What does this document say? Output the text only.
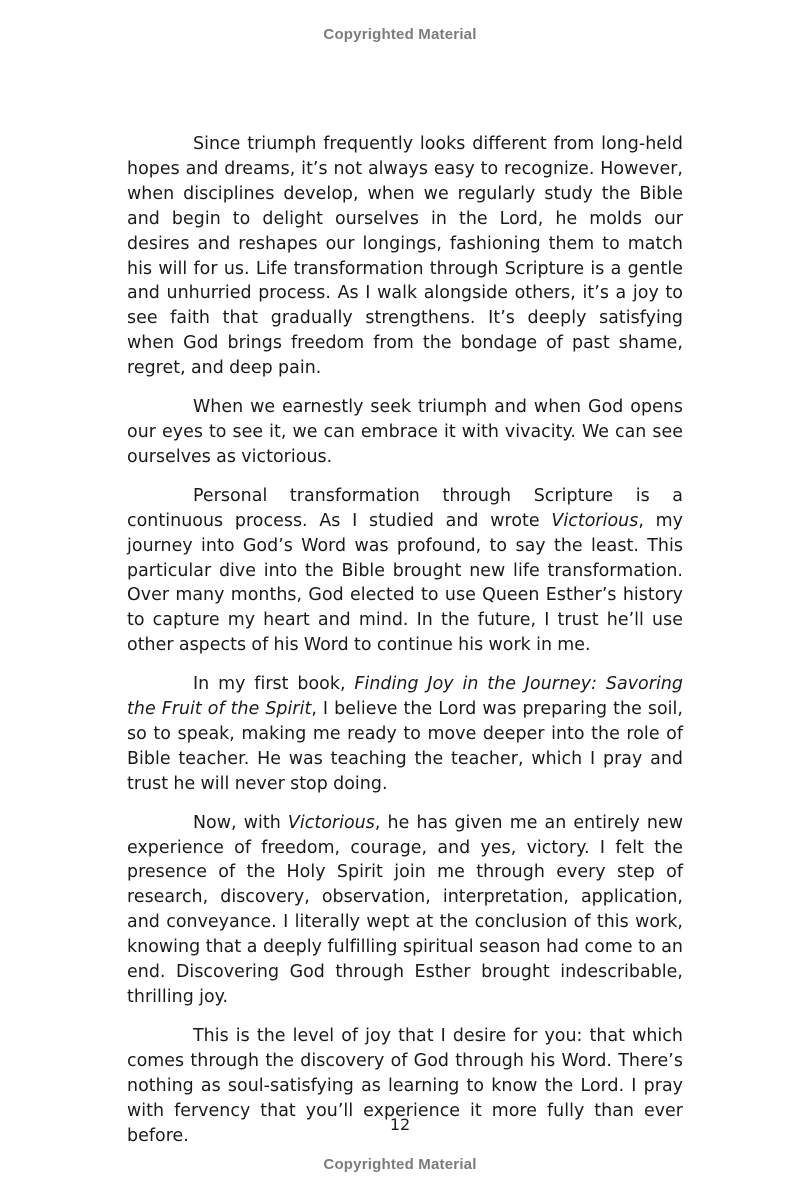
Copyrighted Material

Since triumph frequently looks different from long-held hopes and dreams, it’s not always easy to recognize. However, when disciplines develop, when we regularly study the Bible and begin to delight ourselves in the Lord, he molds our desires and reshapes our longings, fashioning them to match his will for us. Life transformation through Scripture is a gentle and unhurried process. As I walk alongside others, it’s a joy to see faith that gradually strengthens. It’s deeply satisfying when God brings freedom from the bondage of past shame, regret, and deep pain.

When we earnestly seek triumph and when God opens our eyes to see it, we can embrace it with vivacity. We can see ourselves as victorious.

Personal transformation through Scripture is a continuous process. As I studied and wrote Victorious, my journey into God’s Word was profound, to say the least. This particular dive into the Bible brought new life transformation. Over many months, God elected to use Queen Esther’s history to capture my heart and mind. In the future, I trust he’ll use other aspects of his Word to continue his work in me.

In my first book, Finding Joy in the Journey: Savoring the Fruit of the Spirit, I believe the Lord was preparing the soil, so to speak, making me ready to move deeper into the role of Bible teacher. He was teaching the teacher, which I pray and trust he will never stop doing.

Now, with Victorious, he has given me an entirely new experience of freedom, courage, and yes, victory. I felt the presence of the Holy Spirit join me through every step of research, discovery, observation, interpretation, application, and conveyance. I literally wept at the conclusion of this work, knowing that a deeply fulfilling spiritual season had come to an end. Discovering God through Esther brought indescribable, thrilling joy.

This is the level of joy that I desire for you: that which comes through the discovery of God through his Word. There’s nothing as soul-satisfying as learning to know the Lord. I pray with fervency that you’ll experience it more fully than ever before.

12
Copyrighted Material
